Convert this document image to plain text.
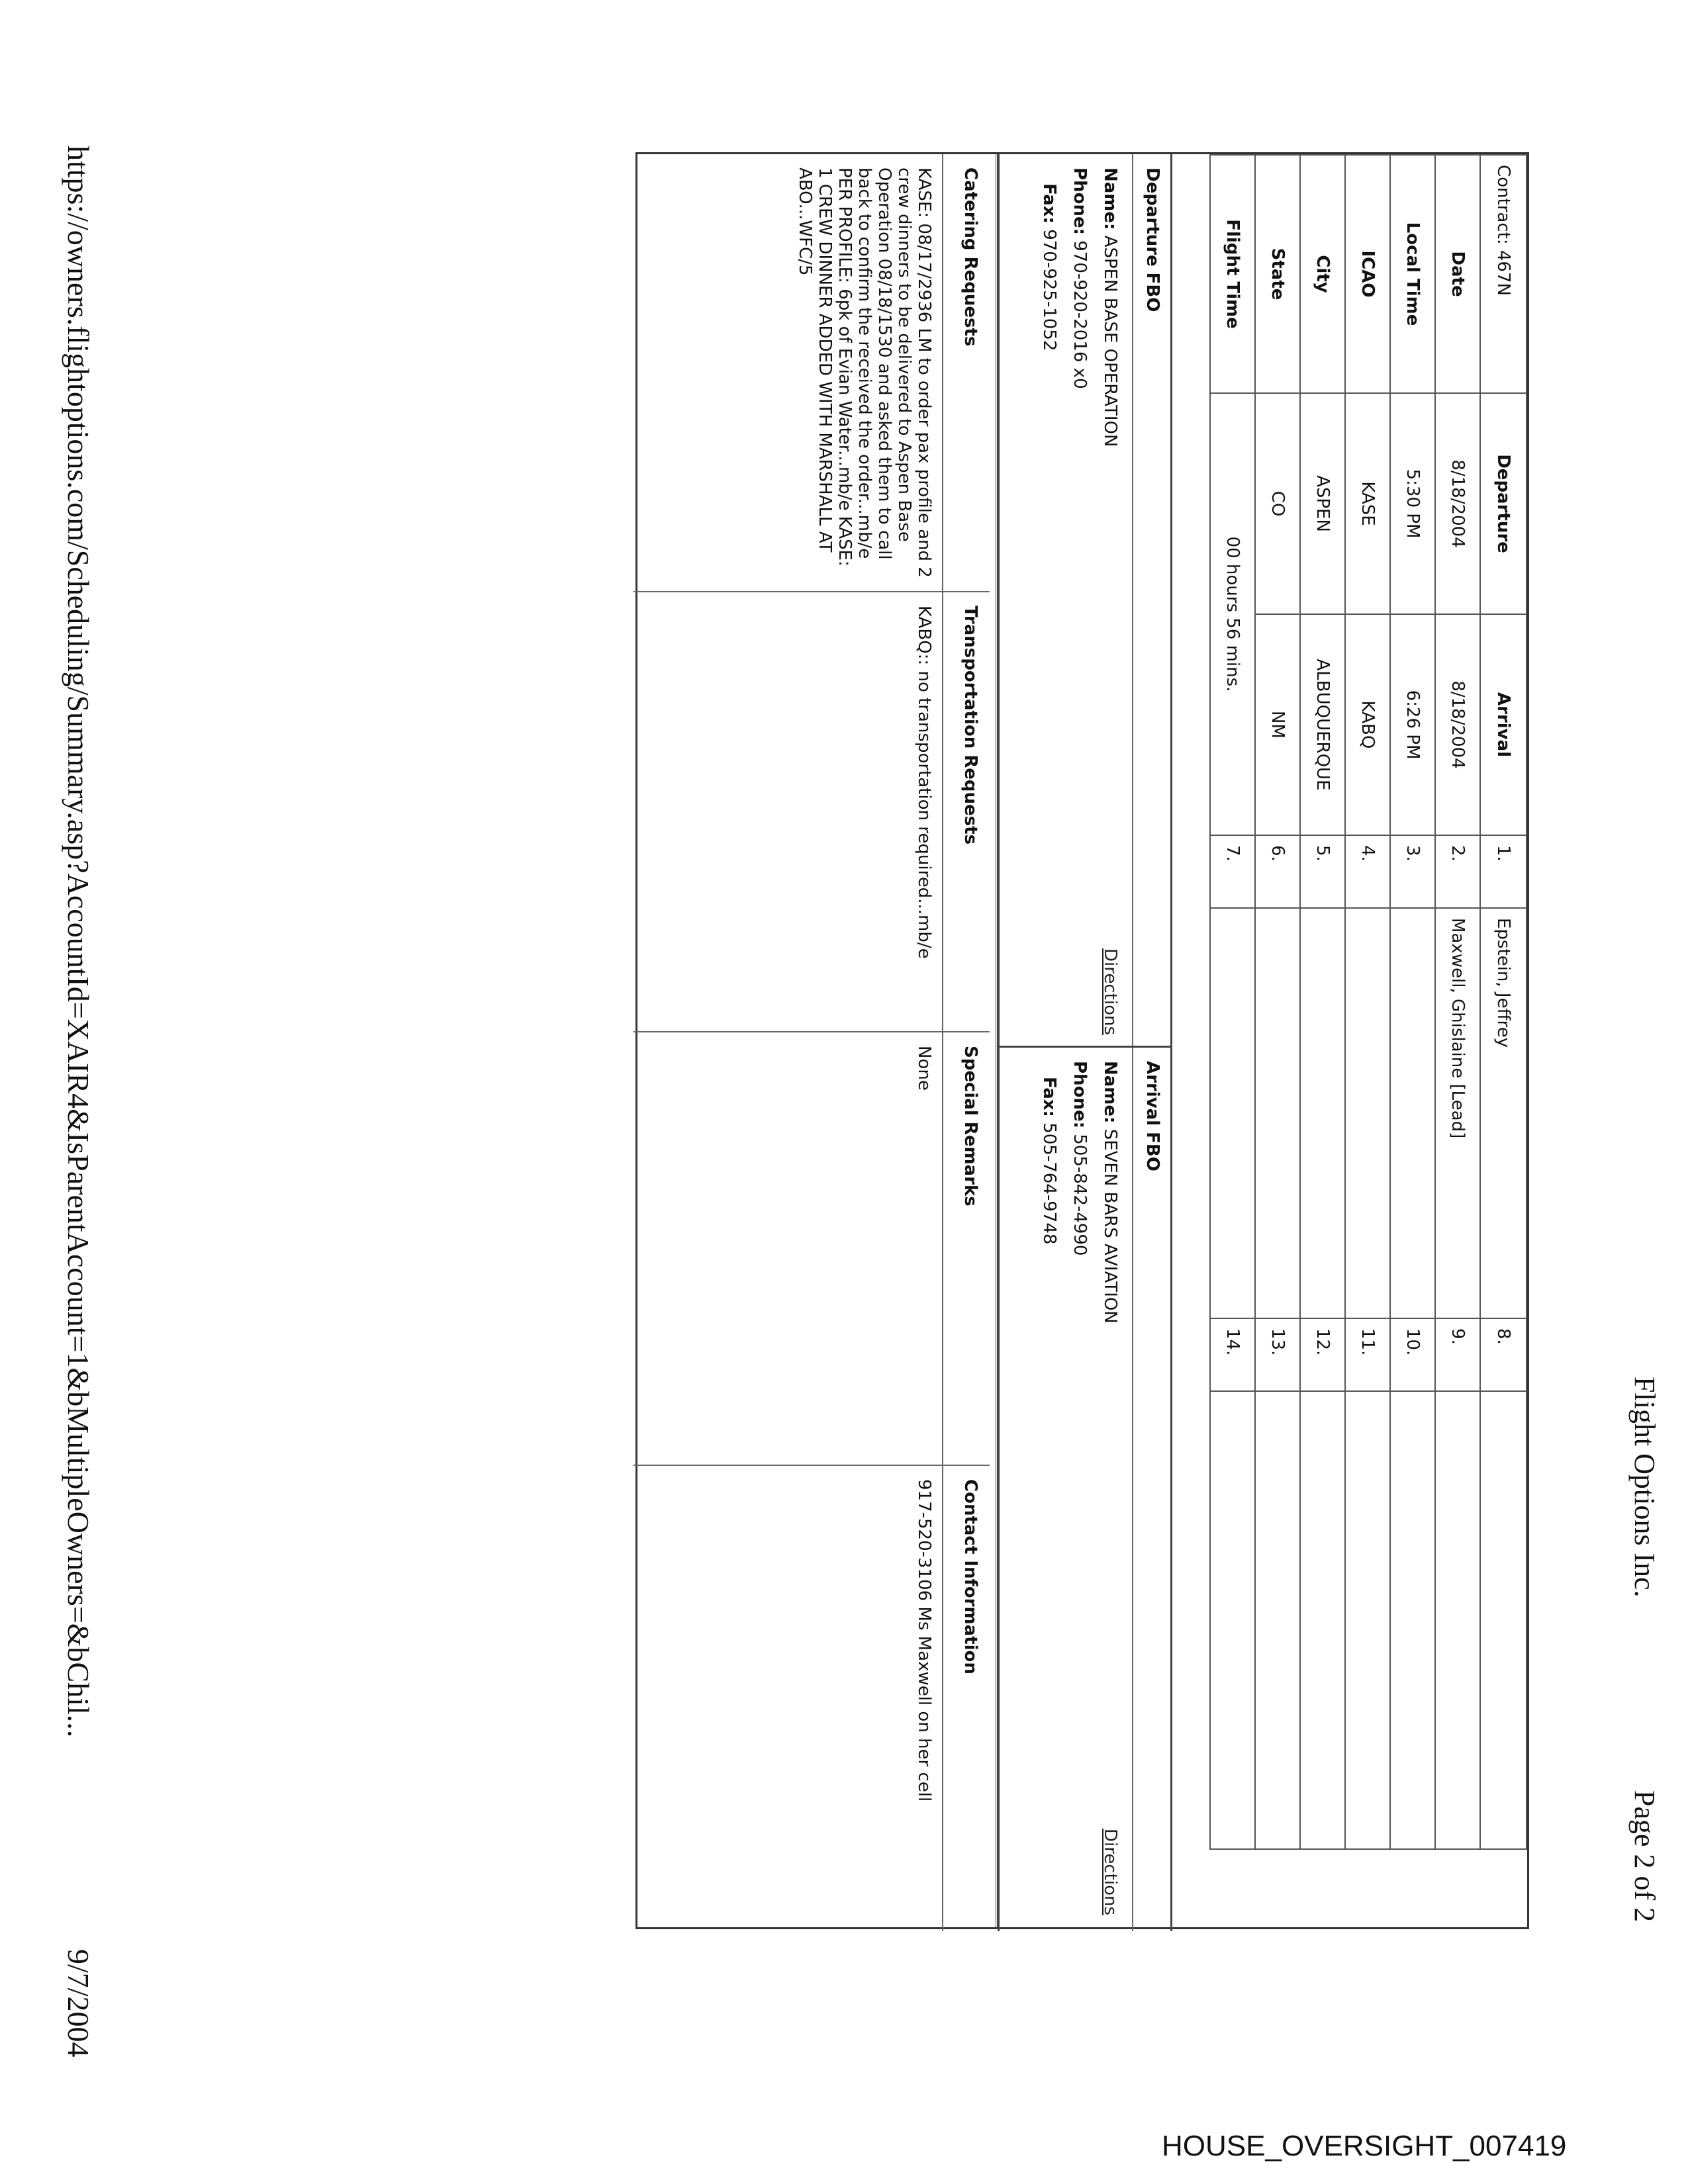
Flight Options Inc.
Page 2 of 2
Contract: 467N	Departure	Arrival	1.	Epstein, Jeffrey	8.	
Date	8/18/2004	8/18/2004	2.	Maxwell, Ghislaine [Lead]	9.	
Local Time	5:30 PM	6:26 PM	3.		10.	
ICAO	KASE	KABQ	4.		11.	
City	ASPEN	ALBUQUERQUE	5.		12.	
State	CO	NM	6.		13.	
Flight Time	00 hours 56 mins.		7.		14.	
Departure FBO
Name: ASPEN BASE OPERATION
Phone: 970-920-2016 x0
Fax: 970-925-1052
Directions
Arrival FBO
Name: SEVEN BARS AVIATION
Phone: 505-842-4990
Fax: 505-764-9748
Directions
Catering Requests
KASE: 08/17/2936 LM to order pax profile and 2 crew dinners to be delivered to Aspen Base Operation 08/18/1530 and asked them to call back to confirm the received the order...mb/e PER PROFILE: 6pk of Evian Water...mb/e KASE: 1 CREW DINNER ADDED WITH MARSHALL AT ABO...WFC/5
Transportation Requests
KABQ:: no transportation required...mb/e
Special Remarks
None
Contact Information
917-520-3106 Ms Maxwell on her cell
https://owners.flightoptions.com/Scheduling/Summary.asp?AccountId=XAIR4&IsParentAccount=1&bMultipleOwners=&bChil...
9/7/2004
HOUSE_OVERSIGHT_007419
